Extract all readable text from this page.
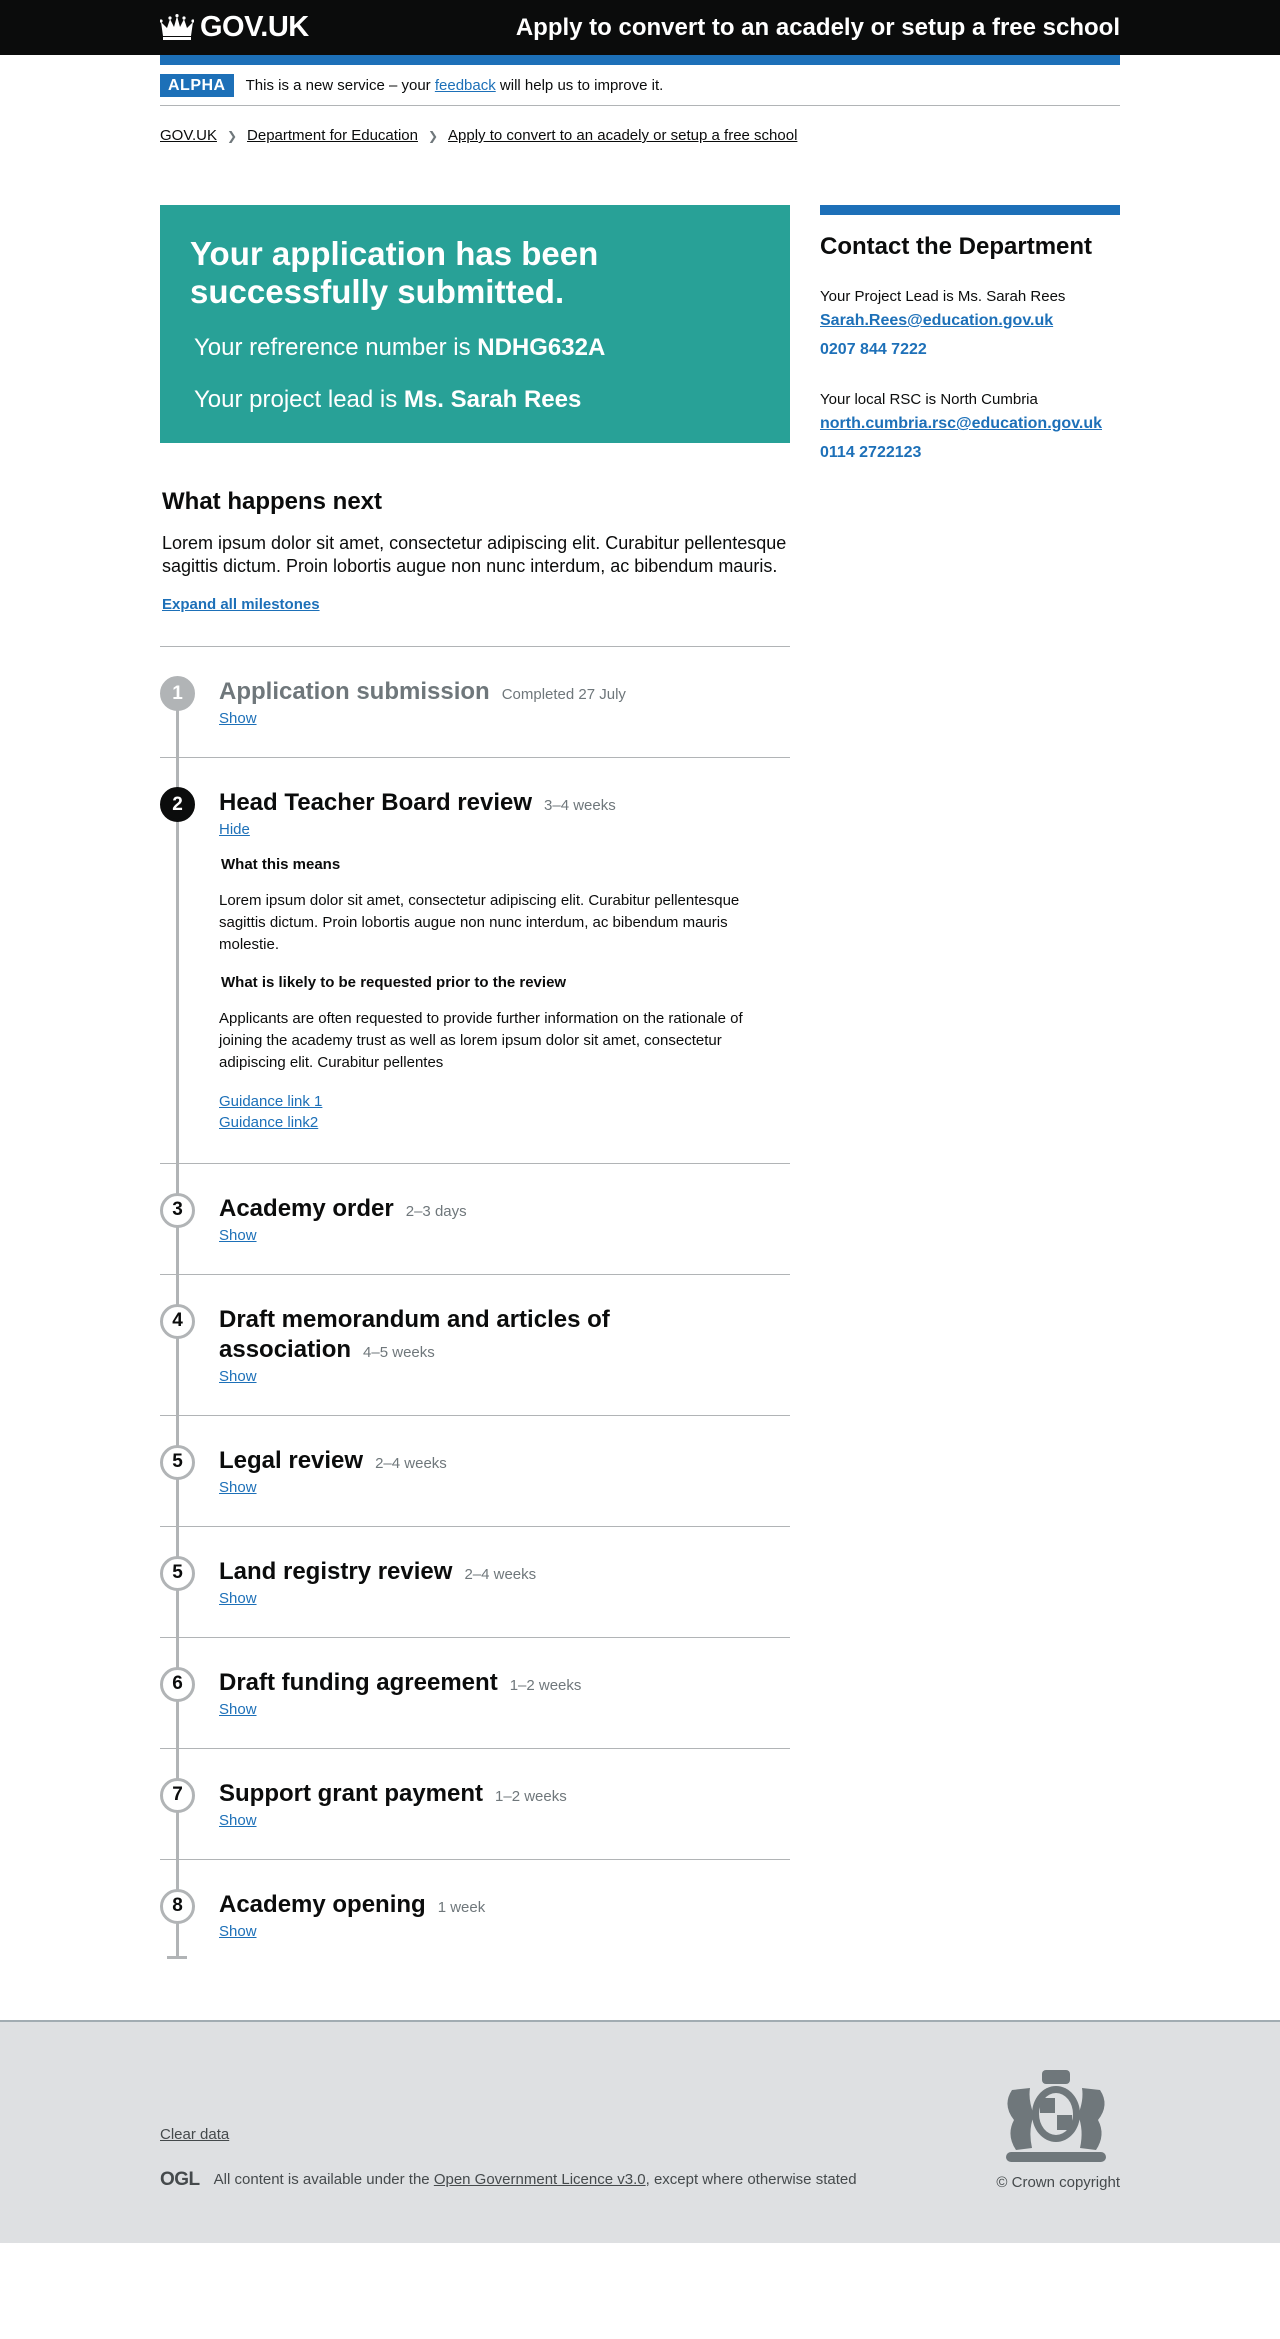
GOV.UK	Apply to convert to an acadely or setup a free school
ALPHA	This is a new service – your feedback will help us to improve it.
GOV.UK ❯ Department for Education ❯ Apply to convert to an acadely or setup a free school
Your application has been successfully submitted.

Your refrerence number is NDHG632A

Your project lead is Ms. Sarah Rees

What happens next

Lorem ipsum dolor sit amet, consectetur adipiscing elit. Curabitur pellentesque sagittis dictum. Proin lobortis augue non nunc interdum, ac bibendum mauris.

Expand all milestones
1	Application submission Completed 27 July
Show
2	Head Teacher Board review 3–4 weeks
Hide
What this means

Lorem ipsum dolor sit amet, consectetur adipiscing elit. Curabitur pellentesque sagittis dictum. Proin lobortis augue non nunc interdum, ac bibendum mauris molestie.

What is likely to be requested prior to the review

Applicants are often requested to provide further information on the rationale of joining the academy trust as well as lorem ipsum dolor sit amet, consectetur adipiscing elit. Curabitur pellentes

Guidance link 1
Guidance link2
3	Academy order 2–3 days
Show
4	Draft memorandum and articles of association 4–5 weeks
Show
5	Legal review 2–4 weeks
Show
5	Land registry review 2–4 weeks
Show
6	Draft funding agreement 1–2 weeks
Show
7	Support grant payment 1–2 weeks
Show
8	Academy opening 1 week
Show
Contact the Department

Your Project Lead is Ms. Sarah Rees

Sarah.Rees@education.gov.uk
0207 844 7222

Your local RSC is North Cumbria

north.cumbria.rsc@education.gov.uk
0114 2722123
Clear data
OGL All content is available under the Open Government Licence v3.0, except where otherwise stated	© Crown copyright
